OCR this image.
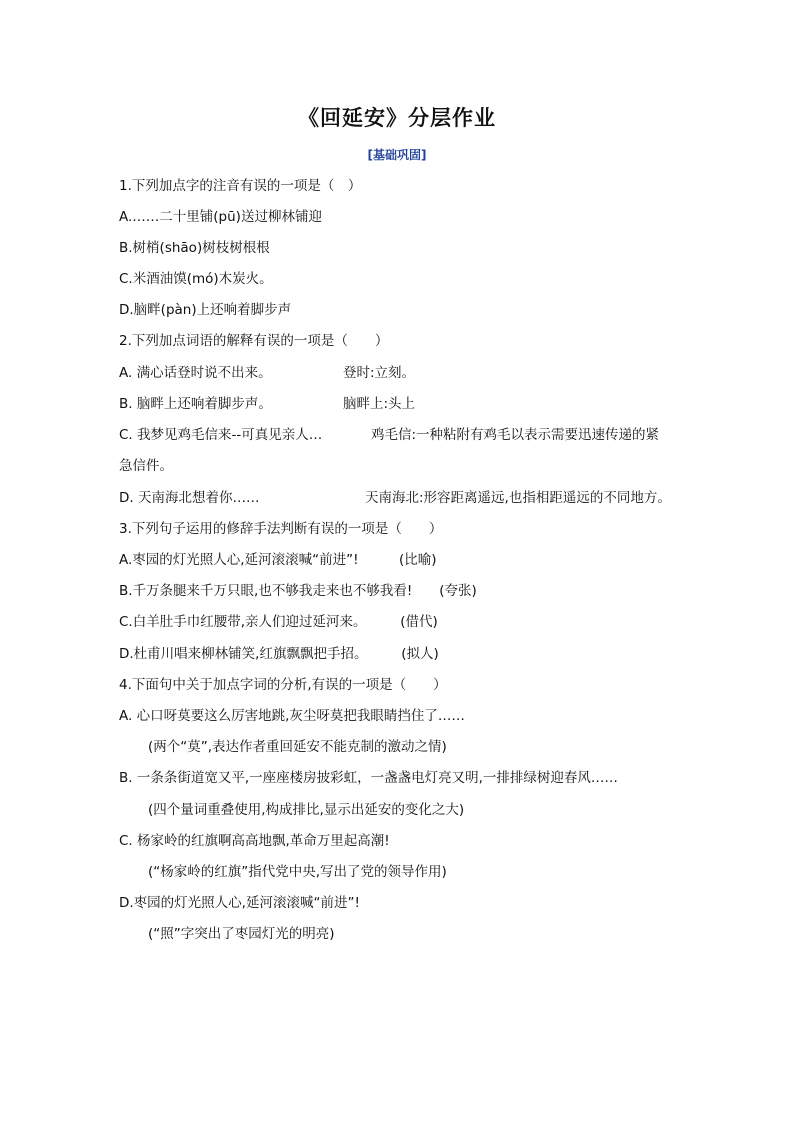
《回延安》分层作业
[基础巩固]
1.下列加点字的注音有误的一项是（　）
A.……二十里铺(pū)送过柳林铺迎
B.树梢(shāo)树枝树根根
C.米酒油馍(mó)木炭火。
D.脑畔(pàn)上还响着脚步声
2.下列加点词语的解释有误的一项是（　　）
A. 满心话登时说不出来。	登时:立刻。
B. 脑畔上还响着脚步声。	脑畔上:头上
C. 我梦见鸡毛信来--可真见亲人…	鸡毛信:一种粘附有鸡毛以表示需要迅速传递的紧
急信件。
D. 天南海北想着你……	天南海北:形容距离遥远,也指相距遥远的不同地方。
3.下列句子运用的修辞手法判断有误的一项是（　　）
A.枣园的灯光照人心,延河滚滚喊“前进”!　　　(比喻)
B.千万条腿来千万只眼,也不够我走来也不够我看!　　(夸张)
C.白羊肚手巾红腰带,亲人们迎过延河来。　　　(借代)
D.杜甫川唱来柳林铺笑,红旗飘飘把手招。　　　(拟人)
4.下面句中关于加点字词的分析,有误的一项是（　　）
A. 心口呀莫要这么厉害地跳,灰尘呀莫把我眼睛挡住了……
(两个“莫”,表达作者重回延安不能克制的激动之情)
B. 一条条街道宽又平,一座座楼房披彩虹，一盏盏电灯亮又明,一排排绿树迎春风……
(四个量词重叠使用,构成排比,显示出延安的变化之大)
C. 杨家岭的红旗啊高高地飘,革命万里起高潮!
(“杨家岭的红旗”指代党中央,写出了党的领导作用)
D.枣园的灯光照人心,延河滚滚喊“前进”!
(“照”字突出了枣园灯光的明亮)
